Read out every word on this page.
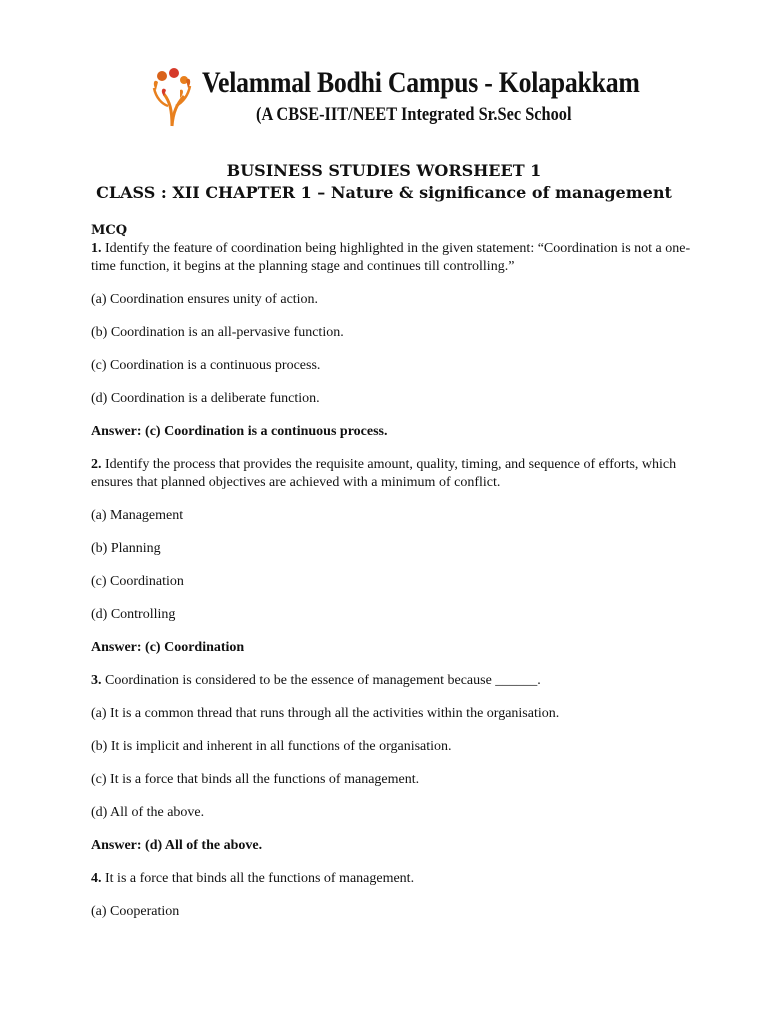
Velammal Bodhi Campus - Kolapakkam
(A CBSE-IIT/NEET Integrated Sr.Sec School
BUSINESS STUDIES WORSHEET 1
CLASS : XII CHAPTER 1 – Nature & significance of management
MCQ

1. Identify the feature of coordination being highlighted in the given statement: “Coordination is not a one-time function, it begins at the planning stage and continues till controlling.”

(a) Coordination ensures unity of action.

(b) Coordination is an all-pervasive function.

(c) Coordination is a continuous process.

(d) Coordination is a deliberate function.

Answer: (c) Coordination is a continuous process.

2. Identify the process that provides the requisite amount, quality, timing, and sequence of efforts, which ensures that planned objectives are achieved with a minimum of conflict.

(a) Management

(b) Planning

(c) Coordination

(d) Controlling

Answer: (c) Coordination

3. Coordination is considered to be the essence of management because ______.

(a) It is a common thread that runs through all the activities within the organisation.

(b) It is implicit and inherent in all functions of the organisation.

(c) It is a force that binds all the functions of management.

(d) All of the above.

Answer: (d) All of the above.

4. It is a force that binds all the functions of management.

(a) Cooperation
